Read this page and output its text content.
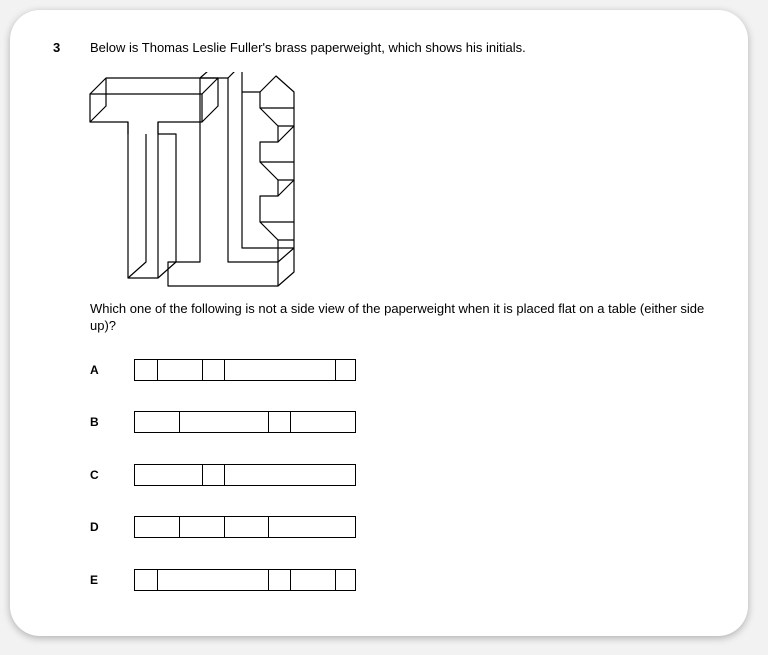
3 Below is Thomas Leslie Fuller's brass paperweight, which shows his initials.
Which one of the following is not a side view of the paperweight when it is placed flat on a table (either side up)?
A
B
C
D
E
